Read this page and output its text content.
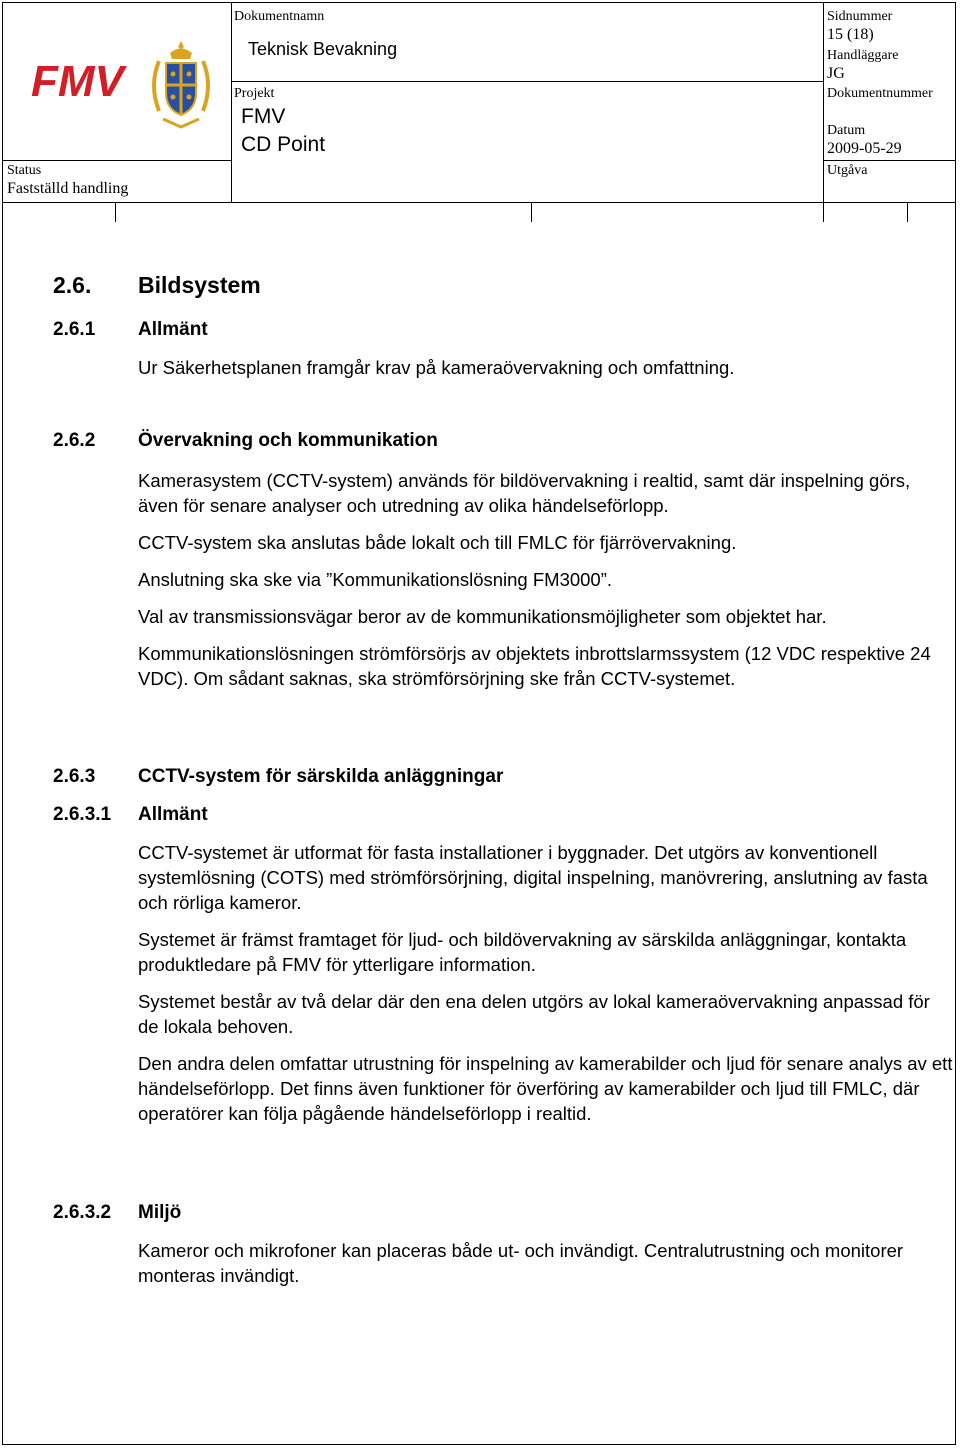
FMV
Status
Fastställd handling
Dokumentnamn
Teknisk Bevakning
Projekt
FMV
CD Point
Sidnummer
15 (18)
Handläggare
JG
Dokumentnummer
Datum
2009-05-29
Utgåva
2.6. Bildsystem
2.6.1 Allmänt
Ur Säkerhetsplanen framgår krav på kameraövervakning och omfattning.
2.6.2 Övervakning och kommunikation
Kamerasystem (CCTV-system) används för bildövervakning i realtid, samt där inspelning görs, även för senare analyser och utredning av olika händelseförlopp.
CCTV-system ska anslutas både lokalt och till FMLC för fjärrövervakning.
Anslutning ska ske via ”Kommunikationslösning FM3000”.
Val av transmissionsvägar beror av de kommunikationsmöjligheter som objektet har.
Kommunikationslösningen strömförsörjs av objektets inbrottslarmssystem (12 VDC respektive 24 VDC). Om sådant saknas, ska strömförsörjning ske från CCTV-systemet.
2.6.3 CCTV-system för särskilda anläggningar
2.6.3.1 Allmänt
CCTV-systemet är utformat för fasta installationer i byggnader. Det utgörs av konventionell systemlösning (COTS) med strömförsörjning, digital inspelning, manövrering, anslutning av fasta och rörliga kameror.
Systemet är främst framtaget för ljud- och bildövervakning av särskilda anläggningar, kontakta produktledare på FMV för ytterligare information.
Systemet består av två delar där den ena delen utgörs av lokal kameraövervakning anpassad för de lokala behoven.
Den andra delen omfattar utrustning för inspelning av kamerabilder och ljud för senare analys av ett händelseförlopp. Det finns även funktioner för överföring av kamerabilder och ljud till FMLC, där operatörer kan följa pågående händelseförlopp i realtid.
2.6.3.2 Miljö
Kameror och mikrofoner kan placeras både ut- och invändigt. Centralutrustning och monitorer monteras invändigt.
